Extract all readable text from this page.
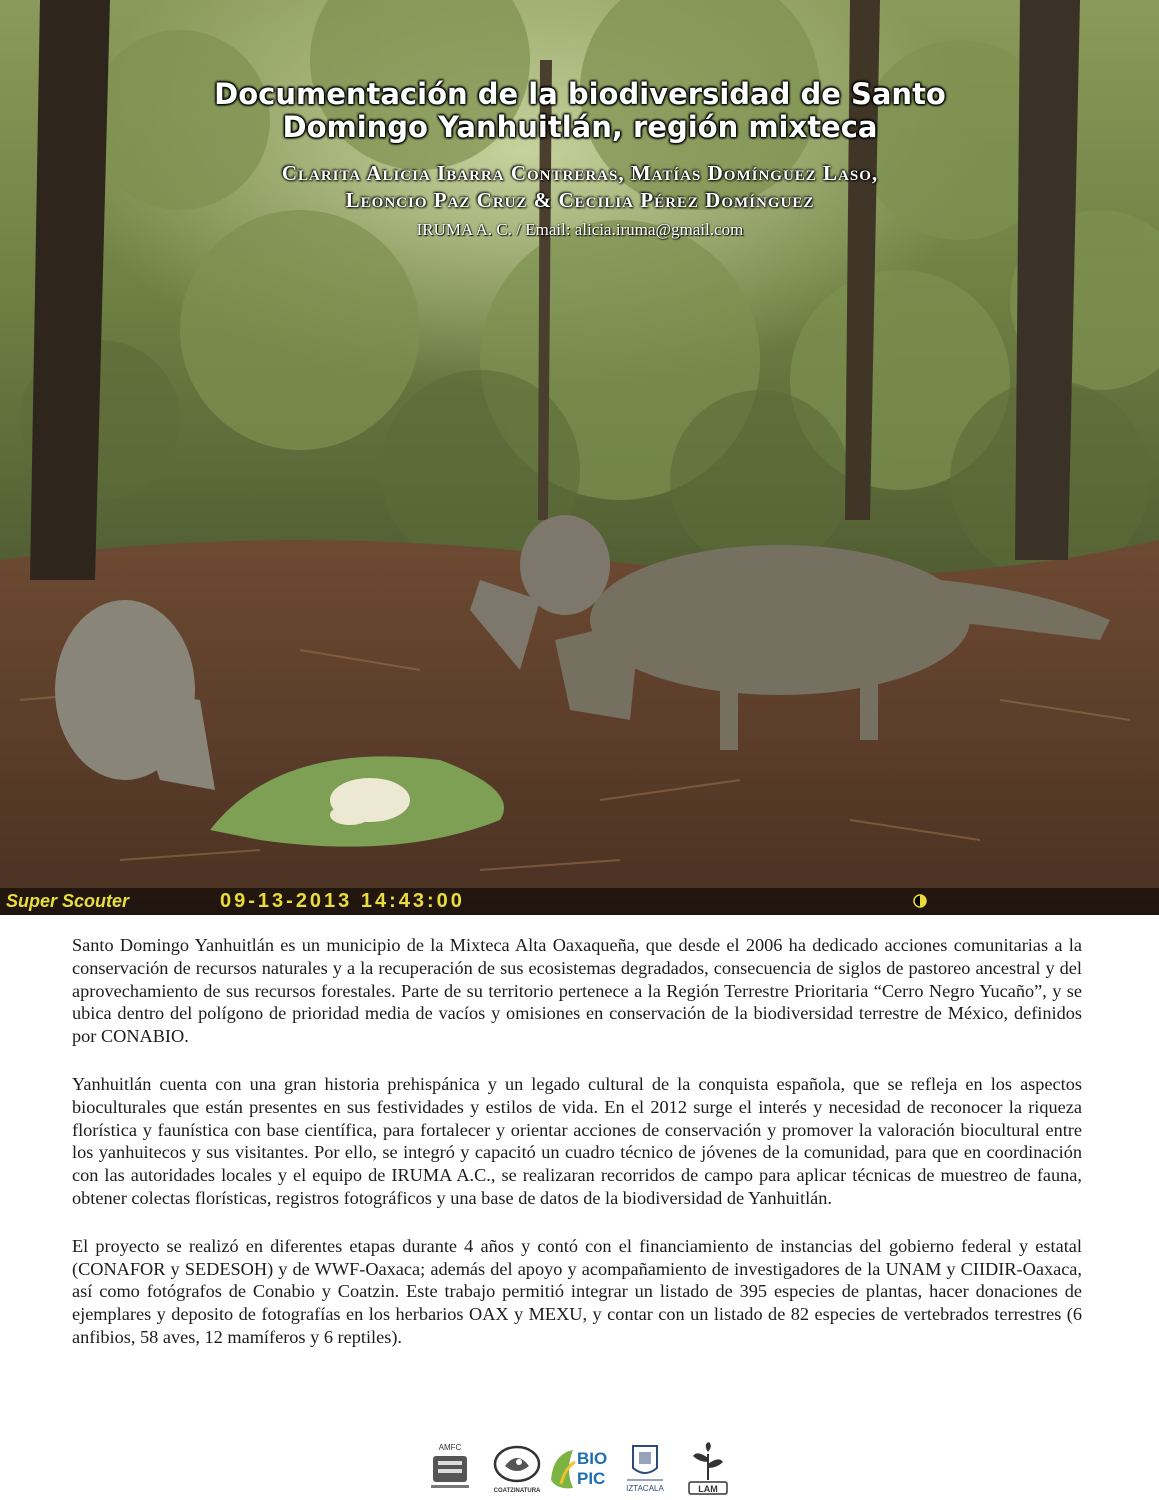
Documentación de la biodiversidad de Santo Domingo Yanhuitlán, región mixteca
Clarita Alicia Ibarra Contreras, Matías Domínguez Laso,
Leoncio Paz Cruz & Cecilia Pérez Domínguez
IRUMA A. C. / Email: alicia.iruma@gmail.com
Super Scouter	09-13-2013 14:43:00

Santo Domingo Yanhuitlán es un municipio de la Mixteca Alta Oaxaqueña, que desde el 2006 ha dedicado acciones comunitarias a la conservación de recursos naturales y a la recuperación de sus ecosistemas degradados, consecuencia de siglos de pastoreo ancestral y del aprovechamiento de sus recursos forestales. Parte de su territorio pertenece a la Región Terrestre Prioritaria “Cerro Negro Yucaño”, y se ubica dentro del polígono de prioridad media de vacíos y omisiones en conservación de la biodiversidad terrestre de México, definidos por CONABIO.

Yanhuitlán cuenta con una gran historia prehispánica y un legado cultural de la conquista española, que se refleja en los aspectos bioculturales que están presentes en sus festividades y estilos de vida. En el 2012 surge el interés y necesidad de reconocer la riqueza florística y faunística con base científica, para fortalecer y orientar acciones de conservación y promover la valoración biocultural entre los yanhuitecos y sus visitantes. Por ello, se integró y capacitó un cuadro técnico de jóvenes de la comunidad, para que en coordinación con las autoridades locales y el equipo de IRUMA A.C., se realizaran recorridos de campo para aplicar técnicas de muestreo de fauna, obtener colectas florísticas, registros fotográficos y una base de datos de la biodiversidad de Yanhuitlán.

El proyecto se realizó en diferentes etapas durante 4 años y contó con el financiamiento de instancias del gobierno federal y estatal (CONAFOR y SEDESOH) y de WWF-Oaxaca; además del apoyo y acompañamiento de investigadores de la UNAM y CIIDIR-Oaxaca, así como fotógrafos de Conabio y Coatzin. Este trabajo permitió integrar un listado de 395 especies de plantas, hacer donaciones de ejemplares y deposito de fotografías en los herbarios OAX y MEXU, y contar con un listado de 82 especies de vertebrados terrestres (6 anfibios, 58 aves, 12 mamíferos y 6 reptiles).

AMFC
COATZINATURA
BIO
PIC
IZTACALA	LAM
